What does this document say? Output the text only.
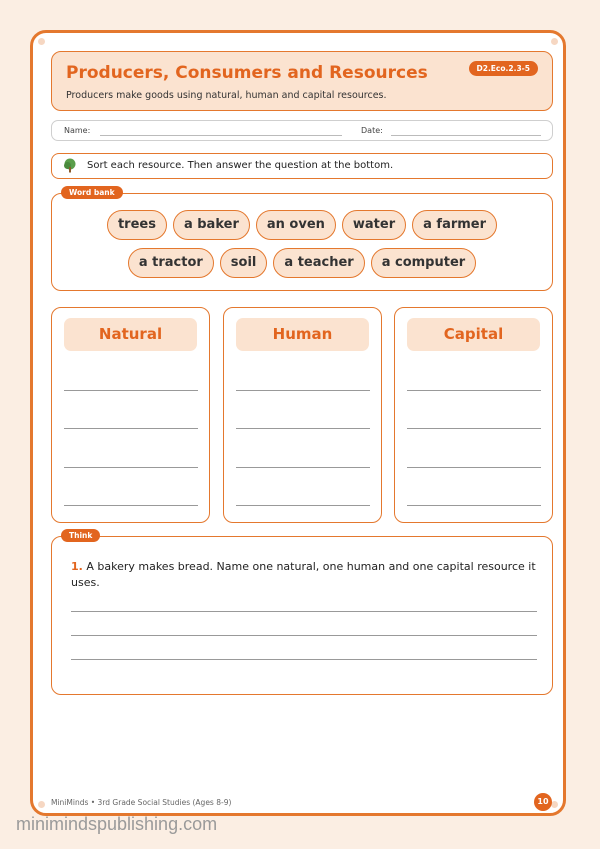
Producers, Consumers and Resources	D2.Eco.2.3-5
Producers make goods using natural, human and capital resources.
Name:	Date:
Sort each resource. Then answer the question at the bottom.
Word bank
trees a baker an oven water a farmer
a tractor soil a teacher a computer
Natural	Human	Capital
Think
1. A bakery makes bread. Name one natural, one human and one capital resource it uses.
MiniMinds • 3rd Grade Social Studies (Ages 8-9)	10
minimindspublishing.com
